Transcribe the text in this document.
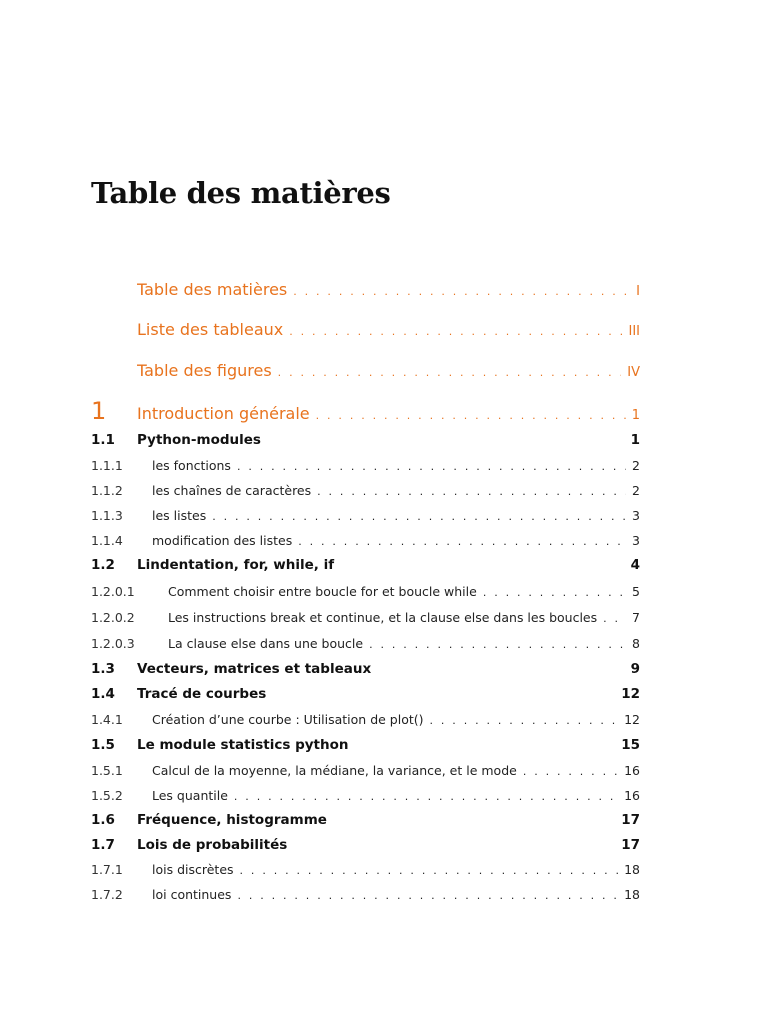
Table des matières
Table des matières . . .	I
Liste des tableaux . . .	III
Table des figures . . .	IV
1	Introduction générale . . .	1
1.1	Python-modules	1
1.1.1	les fonctions . . .	2
1.1.2	les chaînes de caractères . . .	2
1.1.3	les listes . . .	3
1.1.4	modification des listes . . .	3
1.2	Lindentation, for, while, if	4
1.2.0.1	Comment choisir entre boucle for et boucle while . . .	5
1.2.0.2	Les instructions break et continue, et la clause else dans les boucles . . .	7
1.2.0.3	La clause else dans une boucle . . .	8
1.3	Vecteurs, matrices et tableaux	9
1.4	Tracé de courbes	12
1.4.1	Création d’une courbe : Utilisation de plot() . . .	12
1.5	Le module statistics python	15
1.5.1	Calcul de la moyenne, la médiane, la variance, et le mode . . .	16
1.5.2	Les quantile . . .	16
1.6	Fréquence, histogramme	17
1.7	Lois de probabilités	17
1.7.1	lois discrètes . . .	18
1.7.2	loi continues . . .	18
